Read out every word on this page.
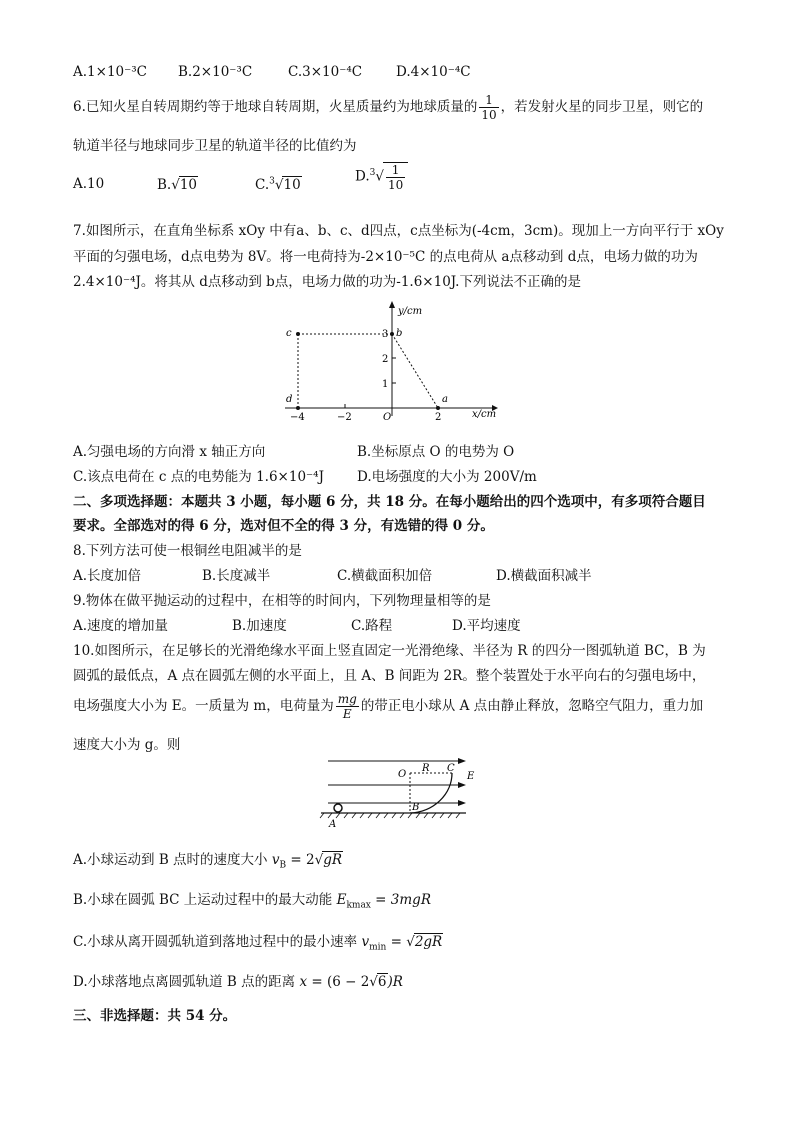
A.1×10⁻³C B.2×10⁻³C	C.3×10⁻⁴C	D.4×10⁻⁴C
6.已知火星自转周期约等于地球自转周期，火星质量约为地球质量的 $\frac{1}{10}$ ，若发射火星的同步卫星，则它的
轨道半径与地球同步卫星的轨道半径的比值约为
A.10	B.√10	C.$^3$√10
$D.^3√ \frac{1}{10}$
7.如图所示，在直角坐标系 xOy 中有a、b、c、d四点，c点坐标为(-4cm，3cm)。现加上一方向平行于 xOy
平面的匀强电场，d点电势为 8V。将一电荷持为-2×10⁻⁵C 的点电荷从 a点移动到 d点，电场力做的功为
2.4×10⁻⁴J。将其从 d点移动到 b点，电场力做的功为-1.6×10J.下列说法不正确的是
y/cm
x/cm
1
2
3
−4	−2	O	2
a
b
c
d
A.匀强电场的方向滑 x 轴正方向	B.坐标原点 O 的电势为 O
C.该点电荷在 c 点的电势能为 1.6×10⁻⁴J D.电场强度的大小为 200V/m
二、多项选择题：本题共 3 小题，每小题 6 分，共 18 分。在每小题给出的四个选项中，有多项符合题目
要求。全部选对的得 6 分，选对但不全的得 3 分，有选错的得 0 分。
8.下列方法可使一根铜丝电阻减半的是
A.长度加倍	B.长度减半	C.横截面积加倍	D.横截面积减半
9.物体在做平抛运动的过程中，在相等的时间内，下列物理量相等的是
A.速度的增加量	B.加速度	C.路程	D.平均速度
10.如图所示，在足够长的光滑绝缘水平面上竖直固定一光滑绝缘、半径为 R 的四分一图弧轨道 BC，B 为
圆弧的最低点，A 点在圆弧左侧的水平面上，且 A、B 间距为 2R。整个装置处于水平向右的匀强电场中，
电场强度大小为 E。一质量为 m，电荷量为 $\frac{mg}{E}$ 的带正电小球从 A 点由静止释放，忽略空气阻力，重力加
速度大小为 g。则
O
R C
E
B
A
A.小球运动到 B 点时的速度大小 $v_B = 2√gR$
B.小球在圆弧 BC 上运动过程中的最大动能 $E_{kmax} = 3mgR$
C.小球从离开圆弧轨道到落地过程中的最小速率 $v_{min} = √2gR$
D.小球落地点离圆弧轨道 B 点的距离 x = (6 − 2√6)R
三、非选择题：共 54 分。
